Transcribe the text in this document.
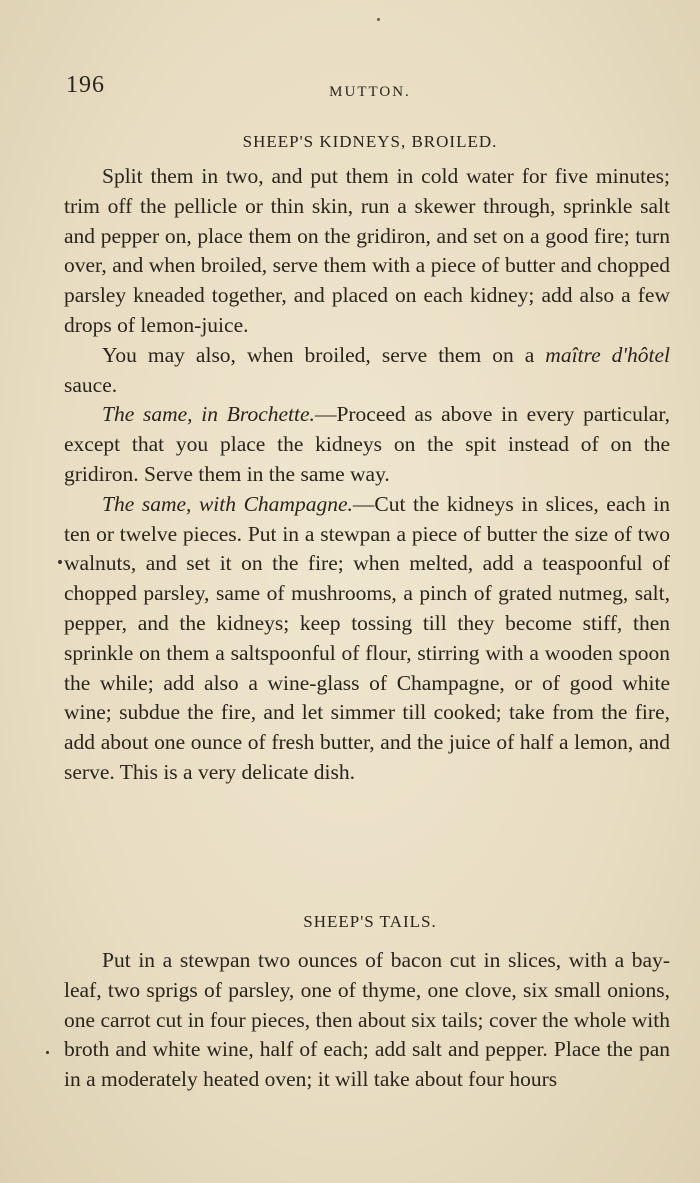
196	MUTTON.
SHEEP'S KIDNEYS, BROILED.

Split them in two, and put them in cold water for five minutes; trim off the pellicle or thin skin, run a skewer through, sprinkle salt and pepper on, place them on the gridiron, and set on a good fire; turn over, and when broiled, serve them with a piece of butter and chopped parsley kneaded together, and placed on each kidney; add also a few drops of lemon-juice.

You may also, when broiled, serve them on a maître d'hôtel sauce.

The same, in Brochette.—Proceed as above in every particular, except that you place the kidneys on the spit instead of on the gridiron. Serve them in the same way.

The same, with Champagne.—Cut the kidneys in slices, each in ten or twelve pieces. Put in a stewpan a piece of butter the size of two walnuts, and set it on the fire; when melted, add a teaspoonful of chopped parsley, same of mushrooms, a pinch of grated nutmeg, salt, pepper, and the kidneys; keep tossing till they become stiff, then sprinkle on them a saltspoonful of flour, stirring with a wooden spoon the while; add also a wine-glass of Champagne, or of good white wine; subdue the fire, and let simmer till cooked; take from the fire, add about one ounce of fresh butter, and the juice of half a lemon, and serve. This is a very delicate dish.

SHEEP'S TAILS.

Put in a stewpan two ounces of bacon cut in slices, with a bay-leaf, two sprigs of parsley, one of thyme, one clove, six small onions, one carrot cut in four pieces, then about six tails; cover the whole with broth and white wine, half of each; add salt and pepper. Place the pan in a moderately heated oven; it will take about four hours
